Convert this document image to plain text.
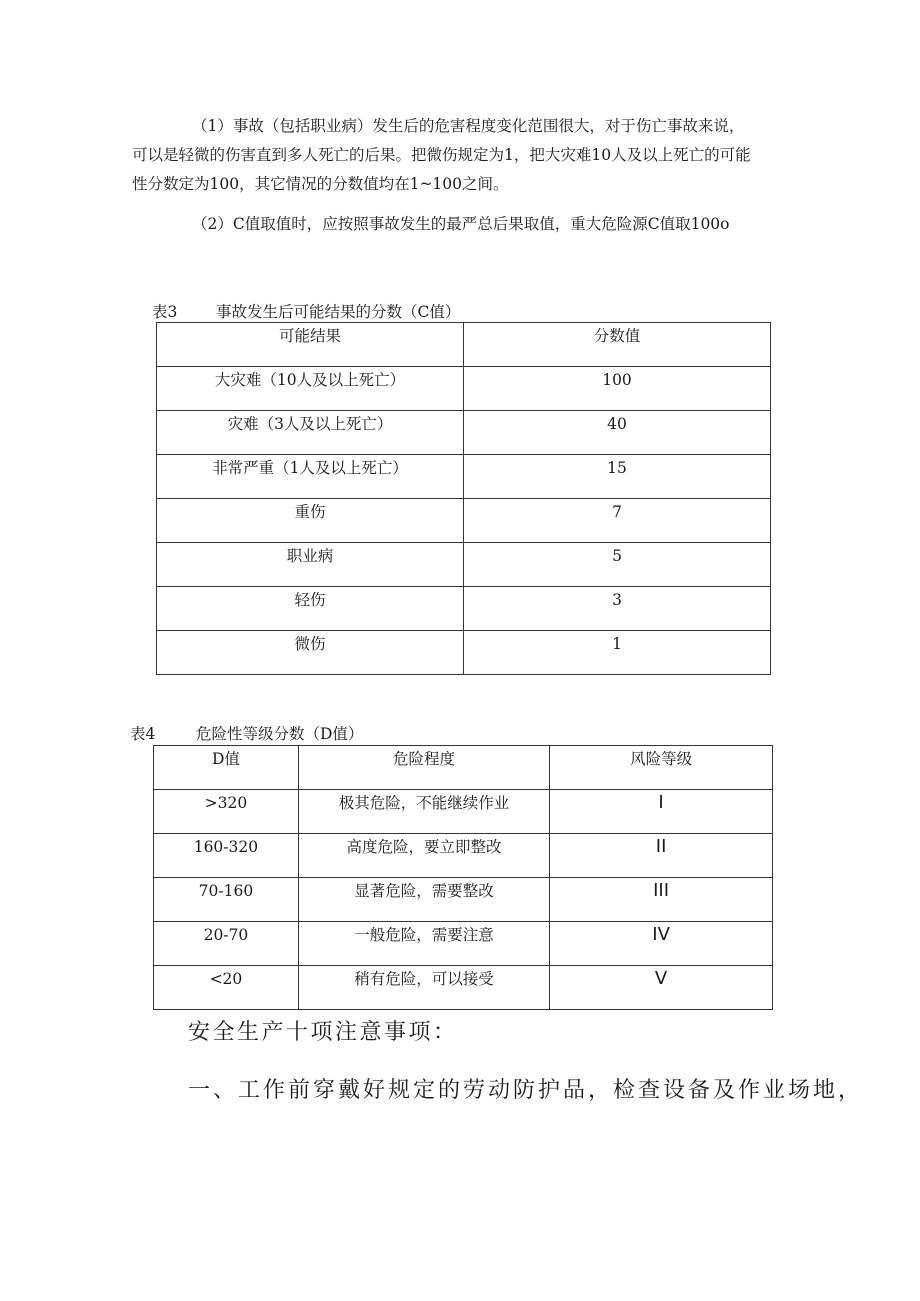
（1）事故（包括职业病）发生后的危害程度变化范围很大，对于伤亡事故来说，
可以是轻微的伤害直到多人死亡的后果。把微伤规定为1，把大灾难10人及以上死亡的可能
性分数定为100，其它情况的分数值均在1~100之间。
（2）C值取值时，应按照事故发生的最严总后果取值，重大危险源C值取100o
表3 事故发生后可能结果的分数（C值）
可能结果	分数值
大灾难（10人及以上死亡）	100
灾难（3人及以上死亡）	40
非常严重（1人及以上死亡）	15
重伤	7
职业病	5
轻伤	3
微伤	1
表4	危险性等级分数（D值）
D值	危险程度	风险等级
>320	极其危险，不能继续作业	I
160-320	高度危险，要立即整改	II
70-160	显著危险，需要整改	III
20-70	一般危险，需要注意	IV
<20	稍有危险，可以接受	V
安全生产十项注意事项：
一、工作前穿戴好规定的劳动防护品，检查设备及作业场地，
